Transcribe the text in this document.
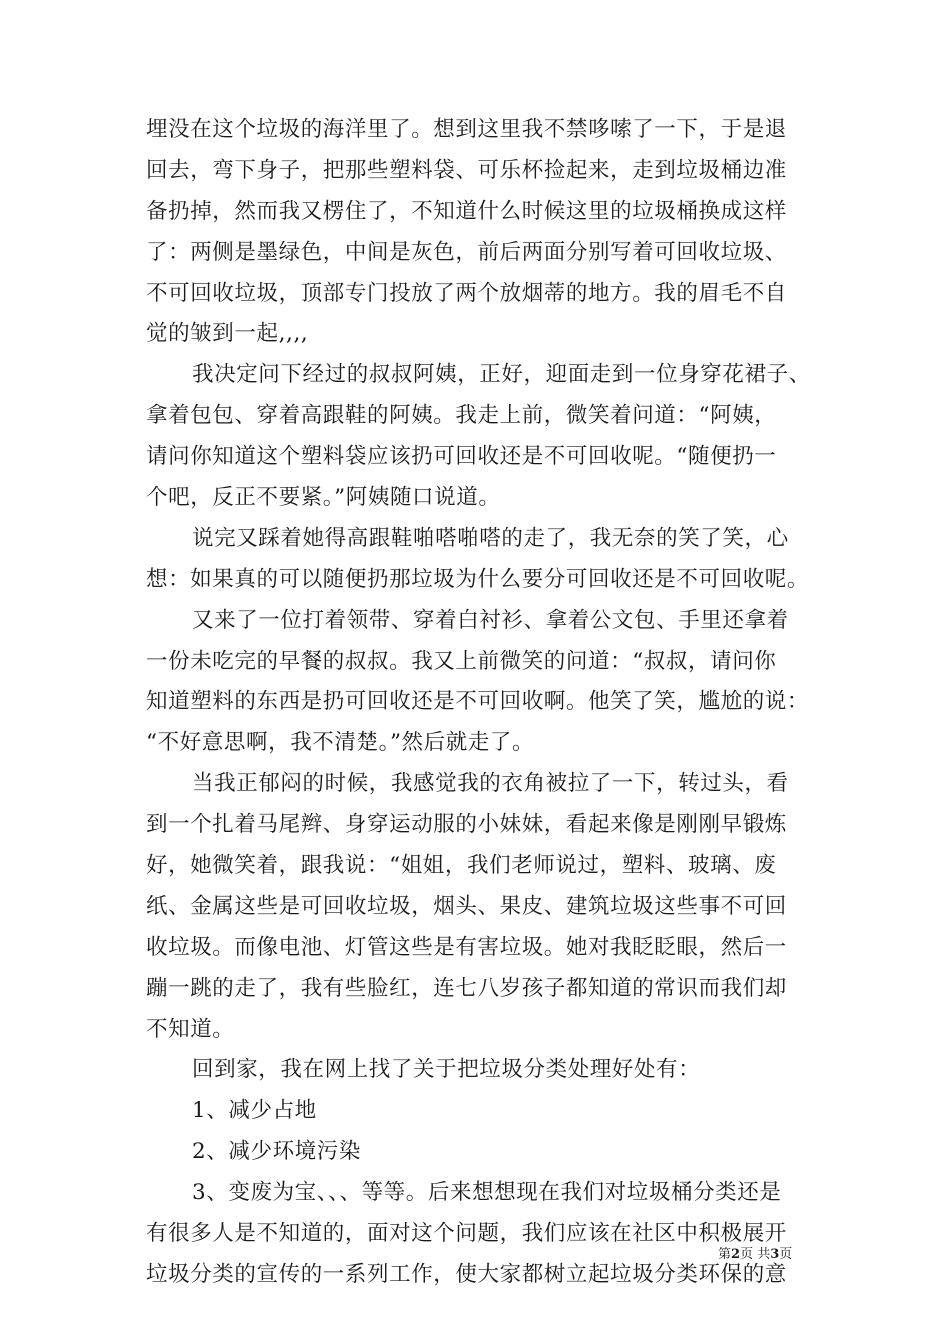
埋没在这个垃圾的海洋里了。想到这里我不禁哆嗦了一下，于是退
回去，弯下身子，把那些塑料袋、可乐杯捡起来，走到垃圾桶边准
备扔掉，然而我又楞住了，不知道什么时候这里的垃圾桶换成这样
了：两侧是墨绿色，中间是灰色，前后两面分别写着可回收垃圾、
不可回收垃圾，顶部专门投放了两个放烟蒂的地方。我的眉毛不自
觉的皱到一起,,,,
我决定问下经过的叔叔阿姨，正好，迎面走到一位身穿花裙子、
拿着包包、穿着高跟鞋的阿姨。我走上前，微笑着问道：“阿姨，
请问你知道这个塑料袋应该扔可回收还是不可回收呢。“随便扔一
个吧，反正不要紧。”阿姨随口说道。
说完又踩着她得高跟鞋啪嗒啪嗒的走了，我无奈的笑了笑，心
想：如果真的可以随便扔那垃圾为什么要分可回收还是不可回收呢。
又来了一位打着领带、穿着白衬衫、拿着公文包、手里还拿着
一份未吃完的早餐的叔叔。我又上前微笑的问道：“叔叔，请问你
知道塑料的东西是扔可回收还是不可回收啊。他笑了笑，尴尬的说：
“不好意思啊，我不清楚。”然后就走了。
当我正郁闷的时候，我感觉我的衣角被拉了一下，转过头，看
到一个扎着马尾辫、身穿运动服的小妹妹，看起来像是刚刚早锻炼
好，她微笑着，跟我说：“姐姐，我们老师说过，塑料、玻璃、废
纸、金属这些是可回收垃圾，烟头、果皮、建筑垃圾这些事不可回
收垃圾。而像电池、灯管这些是有害垃圾。她对我眨眨眼，然后一
蹦一跳的走了，我有些脸红，连七八岁孩子都知道的常识而我们却
不知道。
回到家，我在网上找了关于把垃圾分类处理好处有：
1、减少占地
2、减少环境污染
3、变废为宝、、、等等。后来想想现在我们对垃圾桶分类还是
有很多人是不知道的，面对这个问题，我们应该在社区中积极展开
垃圾分类的宣传的一系列工作，使大家都树立起垃圾分类环保的意
第2页 共3页
